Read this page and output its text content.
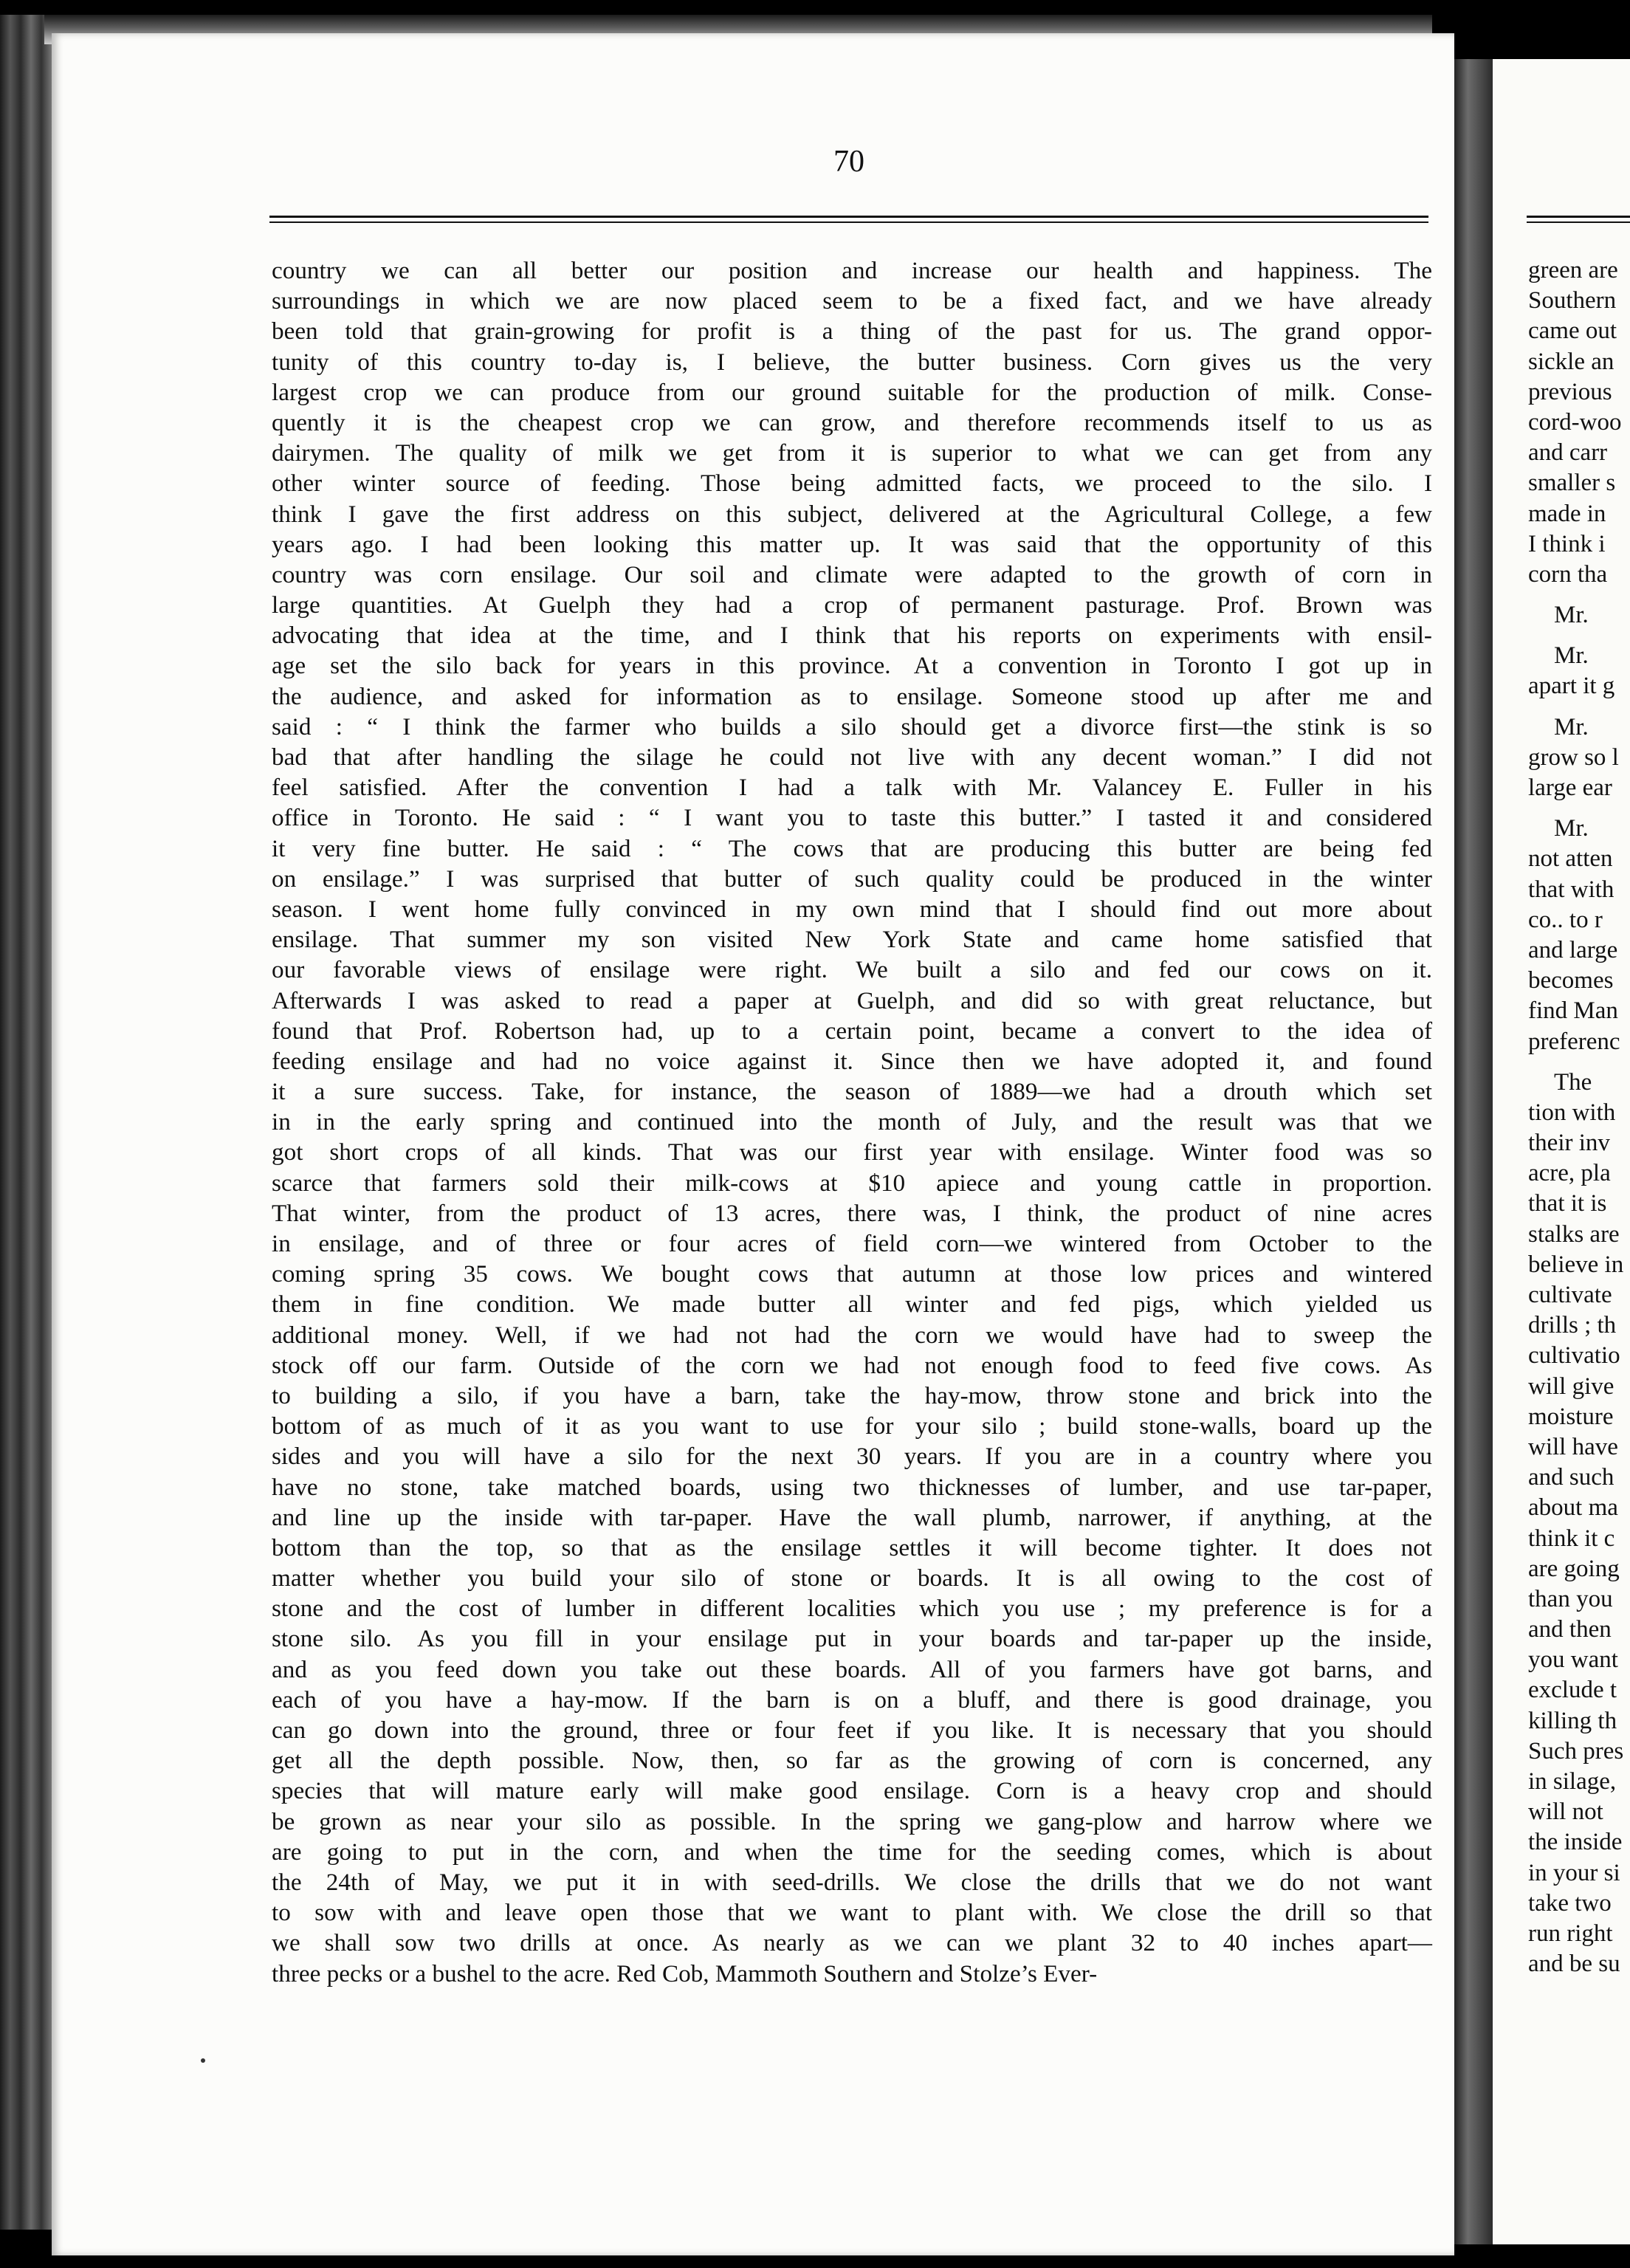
70
country we can all better our position and increase our health and happiness. The
surroundings in which we are now placed seem to be a fixed fact, and we have already
been told that grain-growing for profit is a thing of the past for us. The grand oppor-
tunity of this country to-day is, I believe, the butter business. Corn gives us the very
largest crop we can produce from our ground suitable for the production of milk. Conse-
quently it is the cheapest crop we can grow, and therefore recommends itself to us as
dairymen. The quality of milk we get from it is superior to what we can get from any
other winter source of feeding. Those being admitted facts, we proceed to the silo. I
think I gave the first address on this subject, delivered at the Agricultural College, a few
years ago. I had been looking this matter up. It was said that the opportunity of this
country was corn ensilage. Our soil and climate were adapted to the growth of corn in
large quantities. At Guelph they had a crop of permanent pasturage. Prof. Brown was
advocating that idea at the time, and I think that his reports on experiments with ensil-
age set the silo back for years in this province. At a convention in Toronto I got up in
the audience, and asked for information as to ensilage. Someone stood up after me and
said : “ I think the farmer who builds a silo should get a divorce first—the stink is so
bad that after handling the silage he could not live with any decent woman.” I did not
feel satisfied. After the convention I had a talk with Mr. Valancey E. Fuller in his
office in Toronto. He said : “ I want you to taste this butter.” I tasted it and considered
it very fine butter. He said : “ The cows that are producing this butter are being fed
on ensilage.” I was surprised that butter of such quality could be produced in the winter
season. I went home fully convinced in my own mind that I should find out more about
ensilage. That summer my son visited New York State and came home satisfied that
our favorable views of ensilage were right. We built a silo and fed our cows on it.
Afterwards I was asked to read a paper at Guelph, and did so with great reluctance, but
found that Prof. Robertson had, up to a certain point, became a convert to the idea of
feeding ensilage and had no voice against it. Since then we have adopted it, and found
it a sure success. Take, for instance, the season of 1889—we had a drouth which set
in in the early spring and continued into the month of July, and the result was that we
got short crops of all kinds. That was our first year with ensilage. Winter food was so
scarce that farmers sold their milk-cows at $10 apiece and young cattle in proportion.
That winter, from the product of 13 acres, there was, I think, the product of nine acres
in ensilage, and of three or four acres of field corn—we wintered from October to the
coming spring 35 cows. We bought cows that autumn at those low prices and wintered
them in fine condition. We made butter all winter and fed pigs, which yielded us
additional money. Well, if we had not had the corn we would have had to sweep the
stock off our farm. Outside of the corn we had not enough food to feed five cows. As
to building a silo, if you have a barn, take the hay-mow, throw stone and brick into the
bottom of as much of it as you want to use for your silo ; build stone-walls, board up the
sides and you will have a silo for the next 30 years. If you are in a country where you
have no stone, take matched boards, using two thicknesses of lumber, and use tar-paper,
and line up the inside with tar-paper. Have the wall plumb, narrower, if anything, at the
bottom than the top, so that as the ensilage settles it will become tighter. It does not
matter whether you build your silo of stone or boards. It is all owing to the cost of
stone and the cost of lumber in different localities which you use ; my preference is for a
stone silo. As you fill in your ensilage put in your boards and tar-paper up the inside,
and as you feed down you take out these boards. All of you farmers have got barns, and
each of you have a hay-mow. If the barn is on a bluff, and there is good drainage, you
can go down into the ground, three or four feet if you like. It is necessary that you should
get all the depth possible. Now, then, so far as the growing of corn is concerned, any
species that will mature early will make good ensilage. Corn is a heavy crop and should
be grown as near your silo as possible. In the spring we gang-plow and harrow where we
are going to put in the corn, and when the time for the seeding comes, which is about
the 24th of May, we put it in with seed-drills. We close the drills that we do not want
to sow with and leave open those that we want to plant with. We close the drill so that
we shall sow two drills at once. As nearly as we can we plant 32 to 40 inches apart—
three pecks or a bushel to the acre. Red Cob, Mammoth Southern and Stolze’s Ever-
green are
Southern
came out
sickle an
previous
cord-woo
and carr
smaller s
made in
I think i
corn tha
Mr.
Mr.
apart it g
Mr.
grow so l
large ear
Mr.
not atten
that with
co.. to r
and large
becomes
find Man
preferenc
The
tion with
their inv
acre, pla
that it is
stalks are
believe in
cultivate
drills ; th
cultivatio
will give
moisture
will have
and such
about ma
think it c
are going
than you
and then
you want
exclude t
killing th
Such pres
in silage,
will not
the inside
in your si
take two
run right
and be su
